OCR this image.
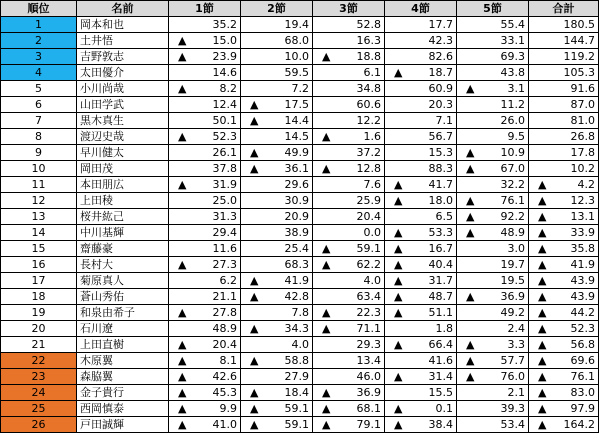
順位	名前	1節	2節	3節	4節	5節	合計
1	岡本和也	35.2	19.4	52.8	17.7	55.4	180.5
2	土井悟	▲ 15.0	68.0	16.3	42.3	33.1	144.7
3	吉野敦志	▲ 23.9	10.0	▲ 18.8	82.6	69.3	119.2
4	太田優介	14.6	59.5	6.1	▲ 18.7	43.8	105.3
5	小川尚哉	▲ 8.2	7.2	34.8	60.9	▲ 3.1	91.6
6	山田学武	12.4	▲ 17.5	60.6	20.3	11.2	87.0
7	黒木真生	50.1	▲ 14.4	12.2	7.1	26.0	81.0
8	渡辺史哉	▲ 52.3	14.5	▲ 1.6	56.7	9.5	26.8
9	早川健太	26.1	▲ 49.9	37.2	15.3	▲ 10.9	17.8
10	岡田茂	37.8	▲ 36.1	▲ 12.8	88.3	▲ 67.0	10.2
11	本田朋広	▲ 31.9	29.6	7.6	▲ 41.7	32.2	▲ 4.2
12	上田稜	25.0	30.9	25.9	▲ 18.0	▲ 76.1	▲ 12.3
13	桜井紘己	31.3	20.9	20.4	6.5	▲ 92.2	▲ 13.1
14	中川基輝	29.4	38.9	0.0	▲ 53.3	▲ 48.9	▲ 33.9
15	齋藤豪	11.6	25.4	▲ 59.1	▲ 16.7	3.0	▲ 35.8
16	長村大	▲ 27.3	68.3	▲ 62.2	▲ 40.4	19.7	▲ 41.9
17	菊原真人	6.2	▲ 41.9	4.0	▲ 31.7	19.5	▲ 43.9
18	蒼山秀佑	21.1	▲ 42.8	63.4	▲ 48.7	▲ 36.9	▲ 43.9
19	和泉由希子	▲ 27.8	7.8	▲ 22.3	▲ 51.1	49.2	▲ 44.2
20	石川遼	48.9	▲ 34.3	▲ 71.1	1.8	2.4	▲ 52.3
21	上田直樹	▲ 20.4	4.0	29.3	▲ 66.4	▲ 3.3	▲ 56.8
22	木原翼	▲ 8.1	▲ 58.8	13.4	41.6	▲ 57.7	▲ 69.6
23	森脇翼	▲ 42.6	27.9	46.0	▲ 31.4	▲ 76.0	▲ 76.1
24	金子貴行	▲ 45.3	▲ 18.4	▲ 36.9	15.5	2.1	▲ 83.0
25	西岡慎泰	▲ 9.9	▲ 59.1	▲ 68.1	▲ 0.1	39.3	▲ 97.9
26	戸田誠輝	▲ 41.0	▲ 59.1	▲ 79.1	▲ 38.4	53.4	▲ 164.2
